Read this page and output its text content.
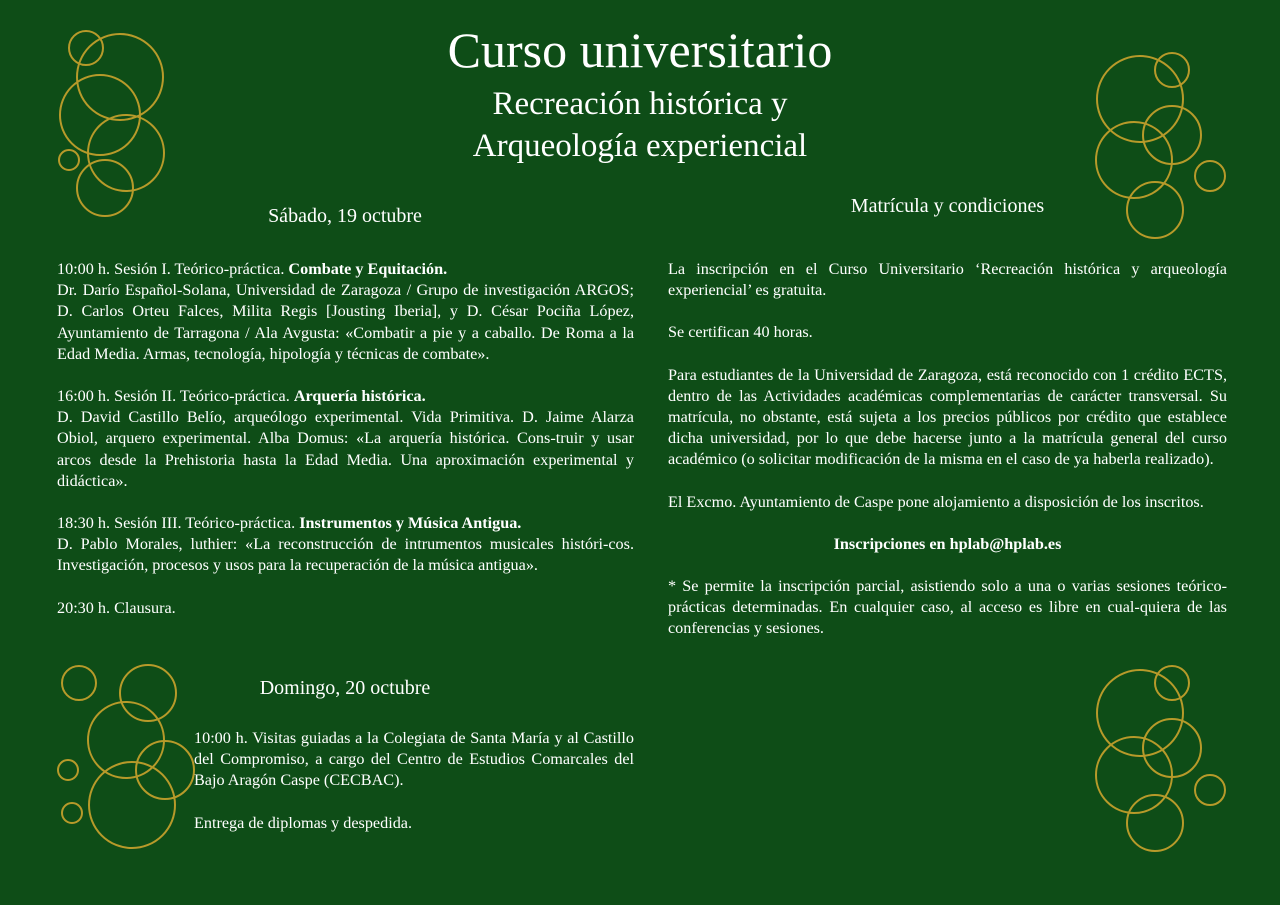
Curso universitario
Recreación histórica y
Arqueología experiencial
Sábado, 19 octubre

10:00 h. Sesión I. Teórico-práctica. Combate y Equitación.
Dr. Darío Español-Solana, Universidad de Zaragoza / Grupo de investigación ARGOS; D. Carlos Orteu Falces, Milita Regis [Jousting Iberia], y D. César Pociña López, Ayuntamiento de Tarragona / Ala Avgusta: «Combatir a pie y a caballo. De Roma a la Edad Media. Armas, tecnología, hipología y técnicas de combate».

16:00 h. Sesión II. Teórico-práctica. Arquería histórica.
D. David Castillo Belío, arqueólogo experimental. Vida Primitiva. D. Jaime Alarza Obiol, arquero experimental. Alba Domus: «La arquería histórica. Cons-truir y usar arcos desde la Prehistoria hasta la Edad Media. Una aproximación experimental y didáctica».

18:30 h. Sesión III. Teórico-práctica. Instrumentos y Música Antigua.
D. Pablo Morales, luthier: «La reconstrucción de intrumentos musicales históri-cos. Investigación, procesos y usos para la recuperación de la música antigua».

20:30 h. Clausura.

Domingo, 20 octubre

10:00 h. Visitas guiadas a la Colegiata de Santa María y al Castillo del Compromiso, a cargo del Centro de Estudios Comarcales del Bajo Aragón Caspe (CECBAC).

Entrega de diplomas y despedida.

Matrícula y condiciones

La inscripción en el Curso Universitario ‘Recreación histórica y arqueología experiencial’ es gratuita.

Se certifican 40 horas.

Para estudiantes de la Universidad de Zaragoza, está reconocido con 1 crédito ECTS, dentro de las Actividades académicas complementarias de carácter transversal. Su matrícula, no obstante, está sujeta a los precios públicos por crédito que establece dicha universidad, por lo que debe hacerse junto a la matrícula general del curso académico (o solicitar modificación de la misma en el caso de ya haberla realizado).

El Excmo. Ayuntamiento de Caspe pone alojamiento a disposición de los inscritos.

Inscripciones en hplab@hplab.es

* Se permite la inscripción parcial, asistiendo solo a una o varias sesiones teórico-prácticas determinadas. En cualquier caso, al acceso es libre en cual-quiera de las conferencias y sesiones.
